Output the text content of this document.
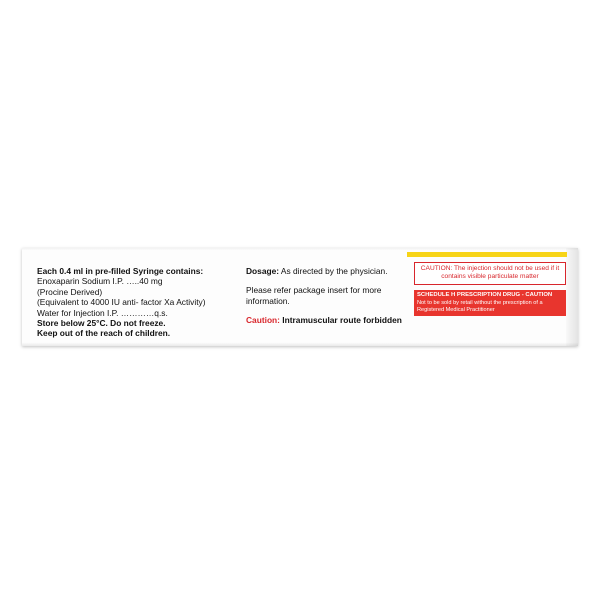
Each 0.4 ml in pre-filled Syringe contains:
Enoxaparin Sodium I.P. …..40 mg
(Procine Derived)
(Equivalent to 4000 IU anti- factor Xa Activity)
Water for Injection I.P. …………q.s.
Store below 25°C. Do not freeze.
Keep out of the reach of children.

Dosage: As directed by the physician.

Please refer package insert for more information.

Caution: Intramuscular route forbidden

CAUTION: The injection should not be used if it contains visible particulate matter
SCHEDULE H PRESCRIPTION DRUG - CAUTION
Not to be sold by retail without the prescription of a Registered Medical Practitioner
